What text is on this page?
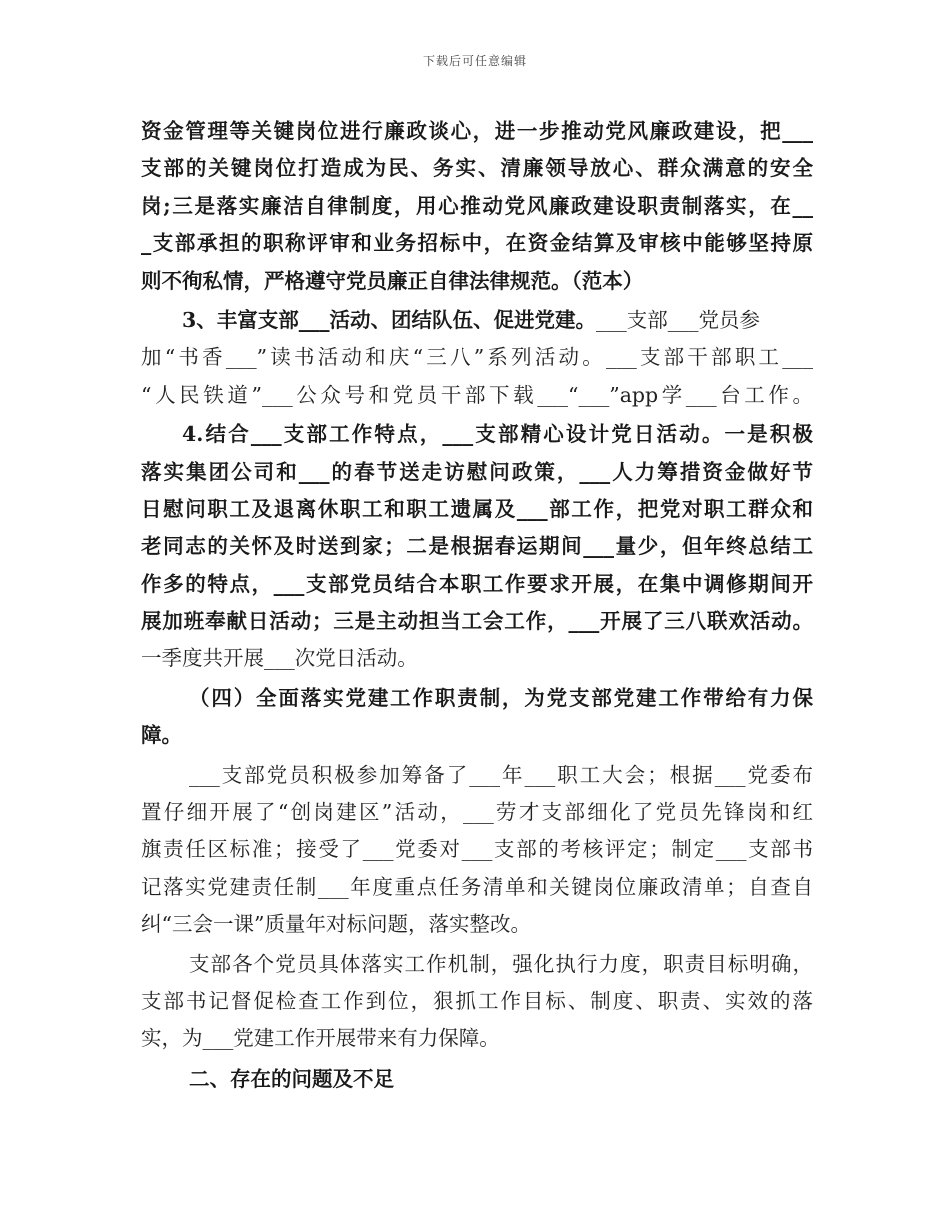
下载后可任意编辑
资金管理等关键岗位进行廉政谈心，进一步推动党风廉政建设，把___
支部的关键岗位打造成为民、务实、清廉领导放心、群众满意的安全
岗;三是落实廉洁自律制度，用心推动党风廉政建设职责制落实，在__
_支部承担的职称评审和业务招标中，在资金结算及审核中能够坚持原
则不徇私情，严格遵守党员廉正自律法律规范。（范本）
3、丰富支部___活动、团结队伍、促进党建。___支部___党员参
加“书香___”读书活动和庆“三八”系列活动。___支部干部职工___
“人民铁道”___公众号和党员干部下载___“___”app学___台工作。
4.结合___支部工作特点，___支部精心设计党日活动。一是积极
落实集团公司和___的春节送走访慰问政策，___人力筹措资金做好节
日慰问职工及退离休职工和职工遗属及___部工作，把党对职工群众和
老同志的关怀及时送到家；二是根据春运期间___量少，但年终总结工
作多的特点，___支部党员结合本职工作要求开展，在集中调修期间开
展加班奉献日活动；三是主动担当工会工作，___开展了三八联欢活动。
一季度共开展___次党日活动。
（四）全面落实党建工作职责制，为党支部党建工作带给有力保
障。
___支部党员积极参加筹备了___年___职工大会；根据___党委布
置仔细开展了“创岗建区”活动，___劳才支部细化了党员先锋岗和红
旗责任区标准；接受了___党委对___支部的考核评定；制定___支部书
记落实党建责任制___年度重点任务清单和关键岗位廉政清单；自查自
纠“三会一课”质量年对标问题，落实整改。
支部各个党员具体落实工作机制，强化执行力度，职责目标明确，
支部书记督促检查工作到位，狠抓工作目标、制度、职责、实效的落
实，为___党建工作开展带来有力保障。
二、存在的问题及不足
